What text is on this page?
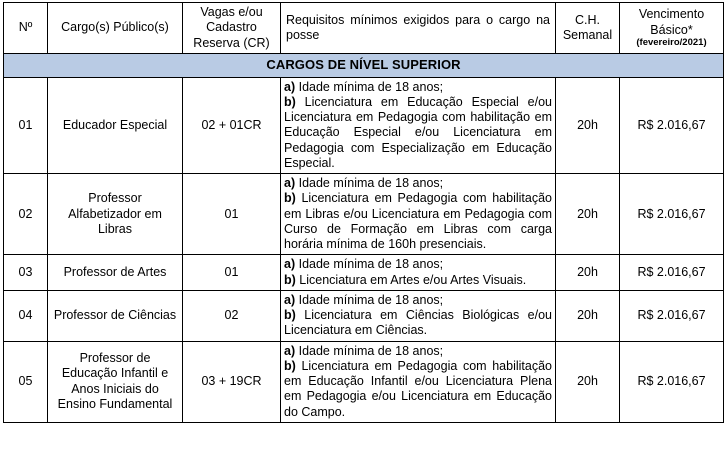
Nº	Cargo(s) Público(s)	Vagas e/ou Cadastro Reserva (CR)	Requisitos mínimos exigidos para o cargo na posse	C.H. Semanal	Vencimento Básico*
(fevereiro/2021)

CARGOS DE NÍVEL SUPERIOR					
01	Educador Especial	02 + 01CR	a) Idade mínima de 18 anos;
b) Licenciatura em Educação Especial e/ou Licenciatura em Pedagogia com habilitação em Educação Especial e/ou Licenciatura em Pedagogia com Especialização em Educação Especial.	20h	R$ 2.016,67
02	Professor Alfabetizador em Libras	01	a) Idade mínima de 18 anos;
b) Licenciatura em Pedagogia com habilitação em Libras e/ou Licenciatura em Pedagogia com Curso de Formação em Libras com carga horária mínima de 160h presenciais.	20h	R$ 2.016,67
03	Professor de Artes	01	a) Idade mínima de 18 anos;
b) Licenciatura em Artes e/ou Artes Visuais.	20h	R$ 2.016,67
04	Professor de Ciências	02	a) Idade mínima de 18 anos;
b) Licenciatura em Ciências Biológicas e/ou Licenciatura em Ciências.	20h	R$ 2.016,67
05	Professor de Educação Infantil e Anos Iniciais do Ensino Fundamental	03 + 19CR	a) Idade mínima de 18 anos;
b) Licenciatura em Pedagogia com habilitação em Educação Infantil e/ou Licenciatura Plena em Pedagogia e/ou Licenciatura em Educação do Campo.	20h	R$ 2.016,67
